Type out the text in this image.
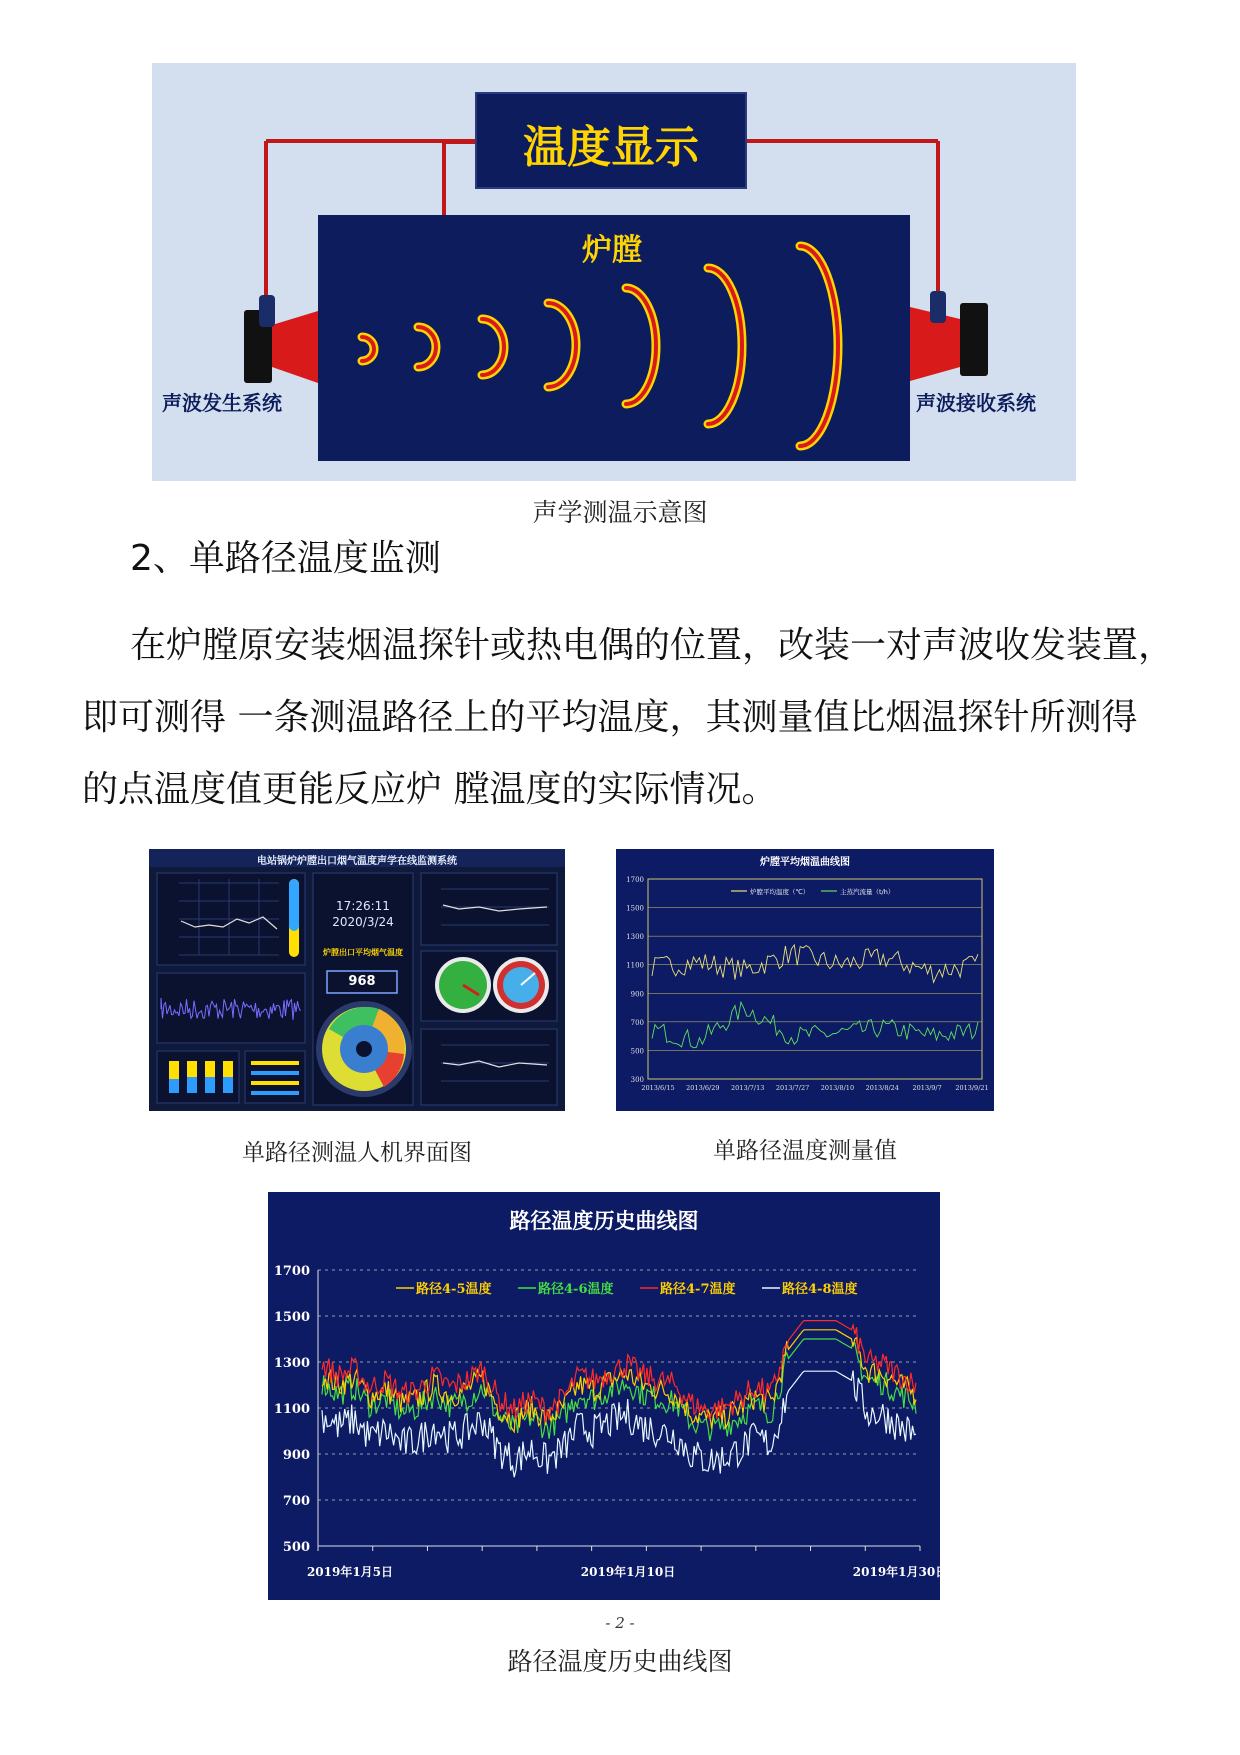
温度显示
炉膛
声波发生系统	声波接收系统
声学测温示意图
2、单路径温度监测
在炉膛原安装烟温探针或热电偶的位置，改装一对声波收发装置，
即可测得 一条测温路径上的平均温度，其测量值比烟温探针所测得
的点温度值更能反应炉 膛温度的实际情况。
电站锅炉炉膛出口烟气温度声学在线监测系统
17:26:11
2020/3/24
炉膛出口平均烟气温度
968
单路径测温人机界面图
炉膛平均烟温曲线图
1700
1500
1300
1100
900
700
500
300
2013/6/15 2013/6/29 2013/7/13 2013/7/27 2013/8/10 2013/8/24 2013/9/7 2013/9/21
炉膛平均温度（℃）	主蒸汽流量（t/h）
单路径温度测量值
路径温度历史曲线图
1700
1500
1300
1100
900
700
500
2019年1月5日	2019年1月10日	2019年1月30日
路径4-5温度	路径4-6温度	路径4-7温度	路径4-8温度
- 2 -
路径温度历史曲线图
